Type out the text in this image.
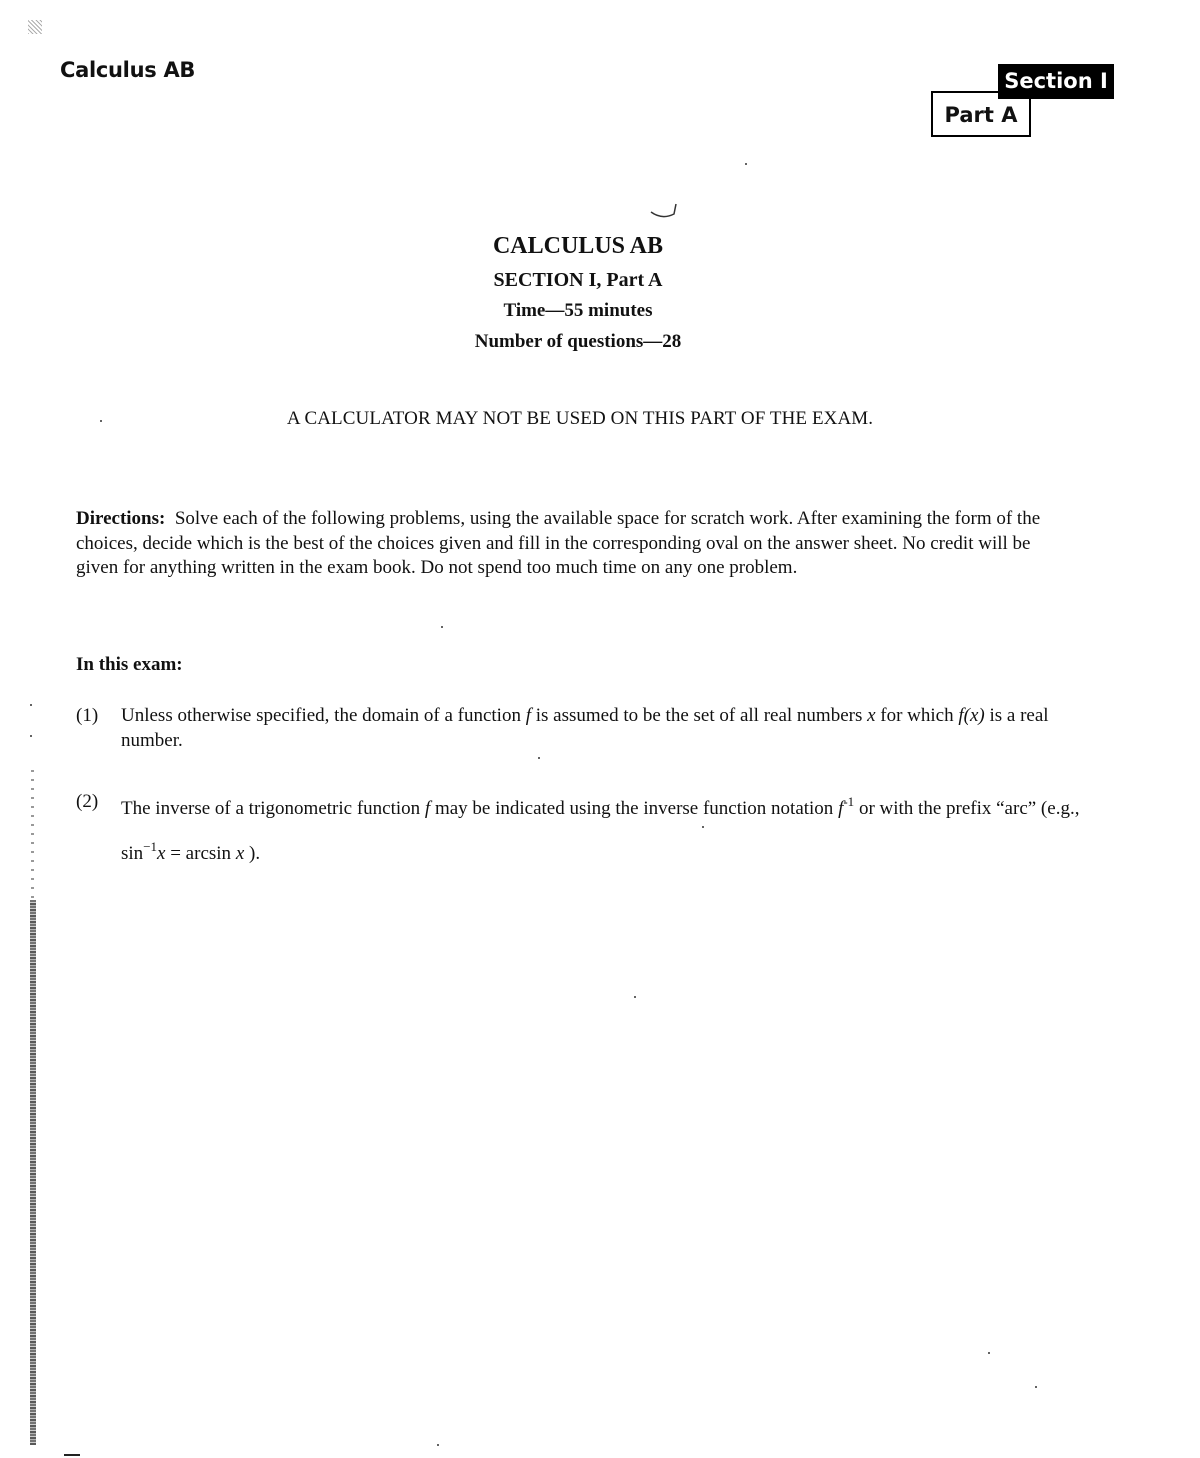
Calculus AB
Part A
Section I
CALCULUS AB
SECTION I, Part A
Time—55 minutes
Number of questions—28
A CALCULATOR MAY NOT BE USED ON THIS PART OF THE EXAM.
Directions: Solve each of the following problems, using the available space for scratch work. After examining the form of the choices, decide which is the best of the choices given and fill in the corresponding oval on the answer sheet. No credit will be given for anything written in the exam book. Do not spend too much time on any one problem.
In this exam:
(1) Unless otherwise specified, the domain of a function f is assumed to be the set of all real numbers x for which f(x) is a real number.
(2) The inverse of a trigonometric function f may be indicated using the inverse function notation $f^{-1}$ or with the prefix “arc” (e.g., $\sin^{-1}x = \arcsin x$ ).
